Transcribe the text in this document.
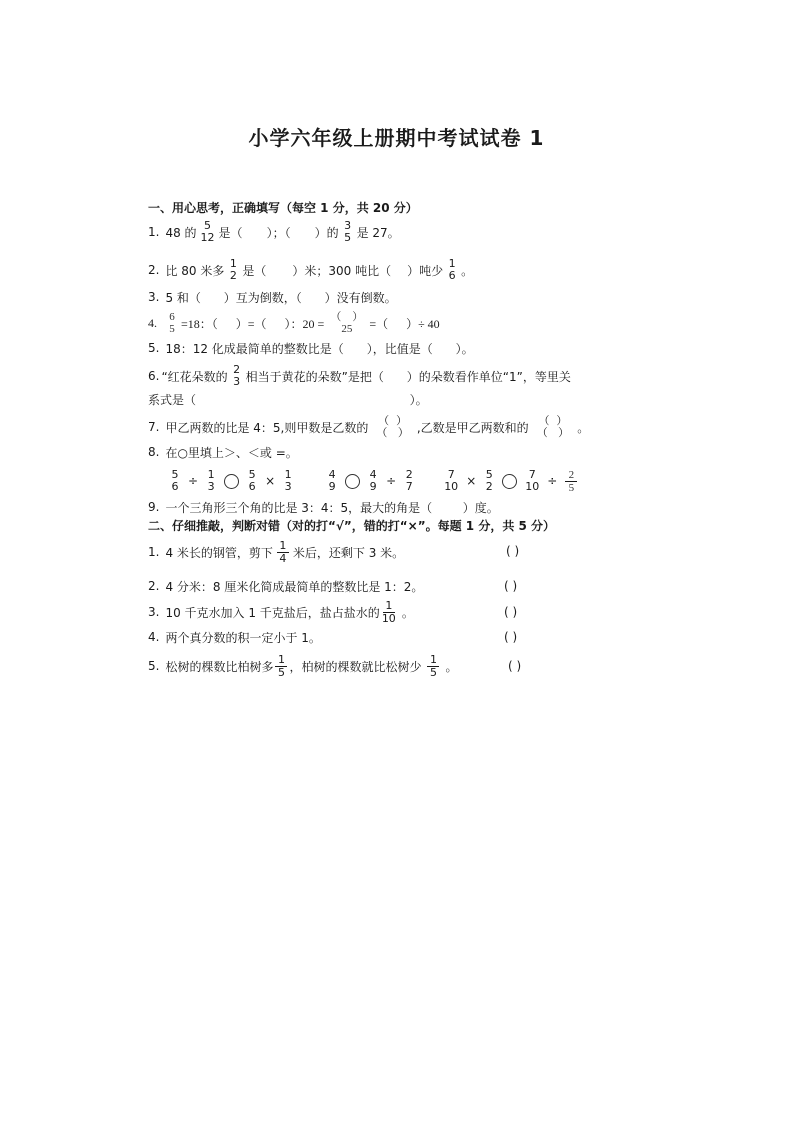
小学六年级上册期中考试试卷 1
一、用心思考，正确填写（每空 1 分，共 20 分）
1. 48 的 5
12 是（ ）；（ ）的 3
5 是 27。
2. 比 80 米多 1
2 是（ ）米；300 吨比（ ）吨少 1
6 。
3. 5 和（      ）互为倒数，（      ）没有倒数。
4. 6
5 =18：（      ）=（      ）：20 = （    ）
25 =（      ）÷ 40
5. 18：12 化成最简单的整数比是（      ），比值是（      ）。
6. “红花朵数的 2
3 相当于黄花的朵数”是把（      ）的朵数看作单位“1”，等里关
系式是（                                                        ）。
7. 甲乙两数的比是 4：5,则甲数是乙数的 （  ）
（   ） ,乙数是甲乙两数和的 （  ）
（   ） 。
8. 在○里填上＞、＜或 =。
5
6 ÷ 1
3
5
6 × 1
3
4
9
4
9 ÷ 2
7
7
10 × 5
2
7
$10 \div \frac{2}{5}$
9. 一个三角形三个角的比是 3：4：5，最大的角是（        ）度。
二、仔细推敲，判断对错（对的打“√”，错的打“×”。每题 1 分，共 5 分）
1. 4 米长的钢管，剪下 $\frac{1}{4}$ 米后，还剩下 3 米。	( )
2. 4 分米：8 厘米化简成最简单的整数比是 1：2。	( )
3. 10 千克水加入 1 千克盐后，盐占盐水的 $\frac{1}{10}$ 。	( )
4. 两个真分数的积一定小于 1。	( )
5. 松树的棵数比柏树多 $\frac{1}{5}$ ，柏树的棵数就比松树少 $\frac{1}{5}$ 。	( )
